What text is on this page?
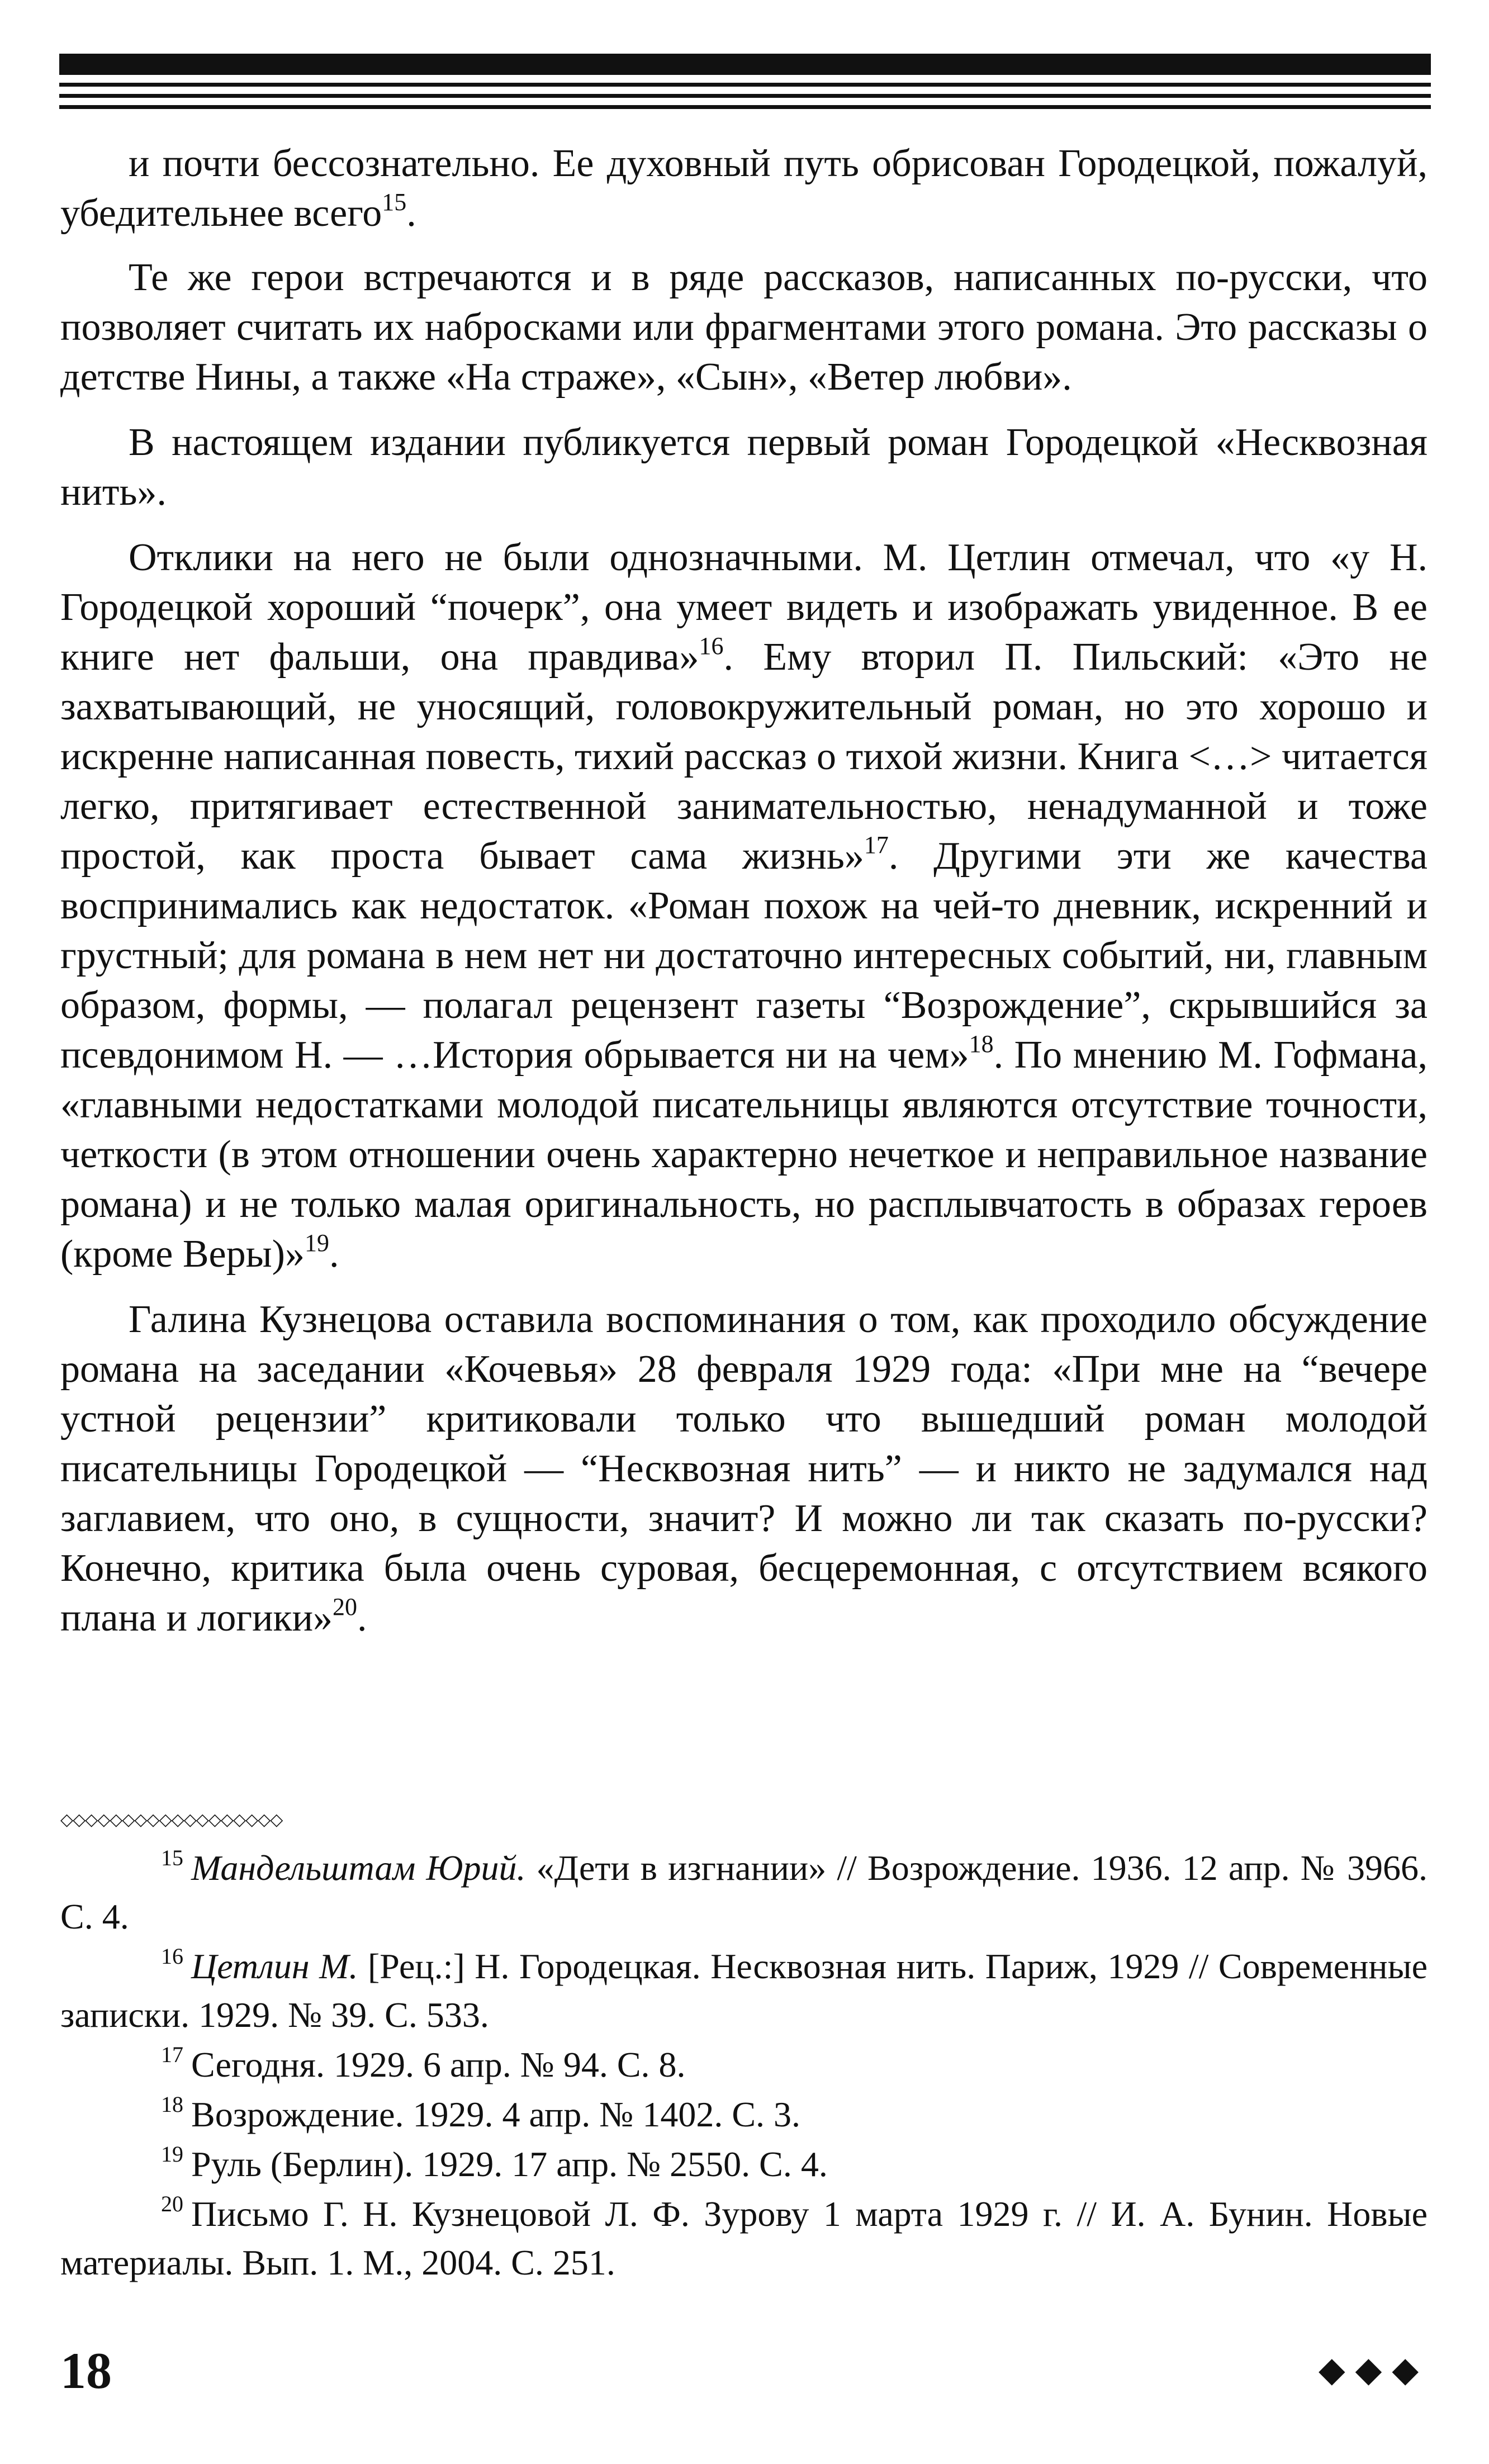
и почти бессознательно. Ее духовный путь обрисован Городецкой, пожалуй, убедительнее всего$^{15}$.

Те же герои встречаются и в ряде рассказов, написанных по-русски, что позволяет считать их набросками или фрагментами этого романа. Это рассказы о детстве Нины, а также «На страже», «Сын», «Ветер любви».

В настоящем издании публикуется первый роман Городецкой «Несквозная нить».

Отклики на него не были однозначными. М. Цетлин отмечал, что «у Н. Городецкой хороший “почерк”, она умеет видеть и изображать увиденное. В ее книге нет фальши, она правдива»$^{16}$. Ему вторил П. Пильский: «Это не захватывающий, не уносящий, головокружительный роман, но это хорошо и искренне написанная повесть, тихий рассказ о тихой жизни. Книга <…> читается легко, притягивает естественной занимательностью, ненадуманной и тоже простой, как проста бывает сама жизнь»$^{17}$. Другими эти же качества воспринимались как недостаток. «Роман похож на чей-то дневник, искренний и грустный; для романа в нем нет ни достаточно интересных событий, ни, главным образом, формы, — полагал рецензент газеты “Возрождение”, скрывшийся за псевдонимом Н. — …История обрывается ни на чем»$^{18}$. По мнению М. Гофмана, «главными недостатками молодой писательницы являются отсутствие точности, четкости (в этом отношении очень характерно нечеткое и неправильное название романа) и не только малая оригинальность, но расплывчатость в образах героев (кроме Веры)»$^{19}$.

Галина Кузнецова оставила воспоминания о том, как проходило обсуждение романа на заседании «Кочевья» 28 февраля 1929 года: «При мне на “вечере устной рецензии” критиковали только что вышедший роман молодой писательницы Городецкой — “Несквозная нить” — и никто не задумался над заглавием, что оно, в сущности, значит? И можно ли так сказать по-русски? Конечно, критика была очень суровая, бесцеремонная, с отсутствием всякого плана и логики»$^{20}$.

◇◇◇◇◇◇◇◇◇◇◇◇◇◇◇◇◇◇

$^{15}$ Мандельштам Юрий. «Дети в изгнании» // Возрождение. 1936. 12 апр. № 3966. С. 4.

$^{16}$ Цетлин М. [Рец.:] Н. Городецкая. Несквозная нить. Париж, 1929 // Современные записки. 1929. № 39. С. 533.

$^{17}$ Сегодня. 1929. 6 апр. № 94. С. 8.

$^{18}$ Возрождение. 1929. 4 апр. № 1402. С. 3.

$^{19}$ Руль (Берлин). 1929. 17 апр. № 2550. С. 4.

$^{20}$ Письмо Г. Н. Кузнецовой Л. Ф. Зурову 1 марта 1929 г. // И. А. Бунин. Новые материалы. Вып. 1. М., 2004. С. 251.

18	◆◆◆
